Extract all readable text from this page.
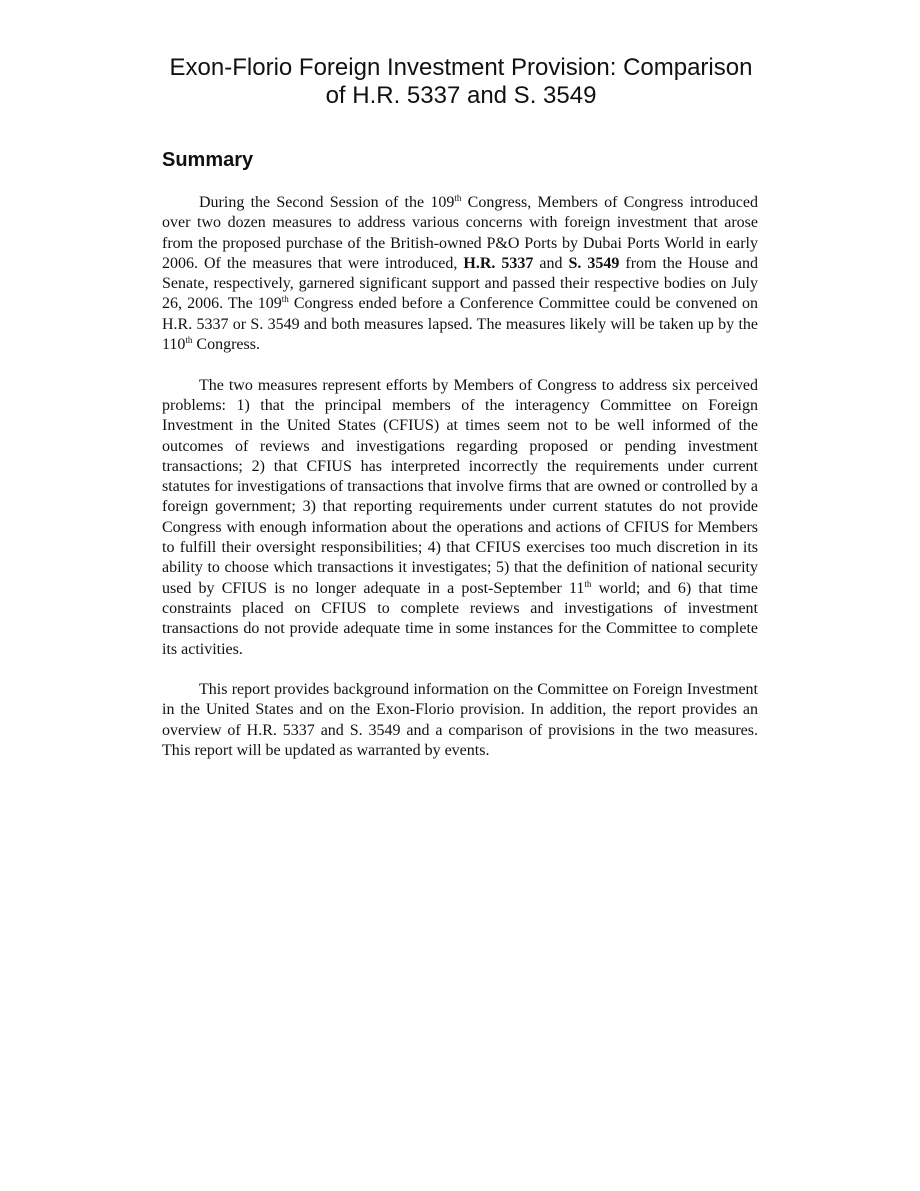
Exon-Florio Foreign Investment Provision: Comparison
of H.R. 5337 and S. 3549
Summary

During the Second Session of the 109th Congress, Members of Congress introduced over two dozen measures to address various concerns with foreign investment that arose from the proposed purchase of the British-owned P&O Ports by Dubai Ports World in early 2006. Of the measures that were introduced, H.R. 5337 and S. 3549 from the House and Senate, respectively, garnered significant support and passed their respective bodies on July 26, 2006. The 109th Congress ended before a Conference Committee could be convened on H.R. 5337 or S. 3549 and both measures lapsed. The measures likely will be taken up by the 110th Congress.

The two measures represent efforts by Members of Congress to address six perceived problems: 1) that the principal members of the interagency Committee on Foreign Investment in the United States (CFIUS) at times seem not to be well informed of the outcomes of reviews and investigations regarding proposed or pending investment transactions; 2) that CFIUS has interpreted incorrectly the requirements under current statutes for investigations of transactions that involve firms that are owned or controlled by a foreign government; 3) that reporting requirements under current statutes do not provide Congress with enough information about the operations and actions of CFIUS for Members to fulfill their oversight responsibilities; 4) that CFIUS exercises too much discretion in its ability to choose which transactions it investigates; 5) that the definition of national security used by CFIUS is no longer adequate in a post-September 11th world; and 6) that time constraints placed on CFIUS to complete reviews and investigations of investment transactions do not provide adequate time in some instances for the Committee to complete its activities.

This report provides background information on the Committee on Foreign Investment in the United States and on the Exon-Florio provision. In addition, the report provides an overview of H.R. 5337 and S. 3549 and a comparison of provisions in the two measures. This report will be updated as warranted by events.
